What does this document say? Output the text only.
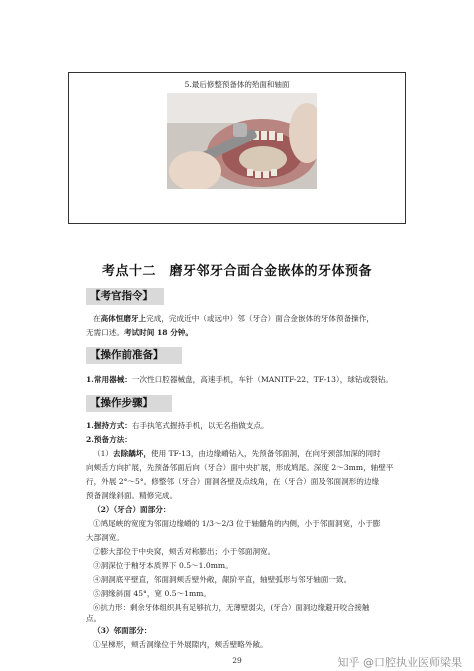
5.最后修整预备体的殆面和轴面
考点十二　磨牙邻牙合面合金嵌体的牙体预备
【考官指令】
在高体恒磨牙上完成，完成近中（或远中）邻（牙合）面合金嵌体的牙体预备操作，
无需口述。考试时间 18 分钟。
【操作前准备】
1.常用器械：一次性口腔器械盘，高速手机，车针（MANITF-22、TF-13），球钻或裂钻。
【操作步骤】
1.握持方式：右手执笔式握持手机，以无名指做支点。
2.预备方法：
（1）去除龋坏，使用 TF-13，由边缘嵴钻入，先预备邻面洞，在向牙颈部加深的同时
向颊舌方向扩展，先预备邻面后向（牙合）面中央扩展，形成鸠尾。深度 2～3mm，轴壁平
行，外展 2°～5°。修整邻（牙合）面洞各壁及点线角，在（牙合）面及邻面洞形的边缘
预备洞缘斜面。精修完成。
（2）（牙合）面部分：
①鸠尾峡的宽度为邻面边缘嵴的 1/3～2/3 位于轴髓角的内侧，小于邻面洞宽，小于膨
大部洞宽。
②膨大部位于中央窝，颊舌对称膨出；小于邻面洞宽。
③洞深位于釉牙本质界下 0.5～1.0mm。
④洞洞底平壁直，邻面洞颊舌壁外敞，龈阶平直，轴壁弧形与邻牙轴面一致。
⑤洞缘斜面 45°，宽 0.5～1mm。
⑥抗力形：剩余牙体组织具有足够抗力，无薄壁弱尖，(牙合）面洞边缘避开咬合接触
点。
29	知乎 @口腔执业医师梁果
（3）邻面部分：
①呈梯形，颊舌洞缘位于外展隙内，颊舌壁略外敞。
